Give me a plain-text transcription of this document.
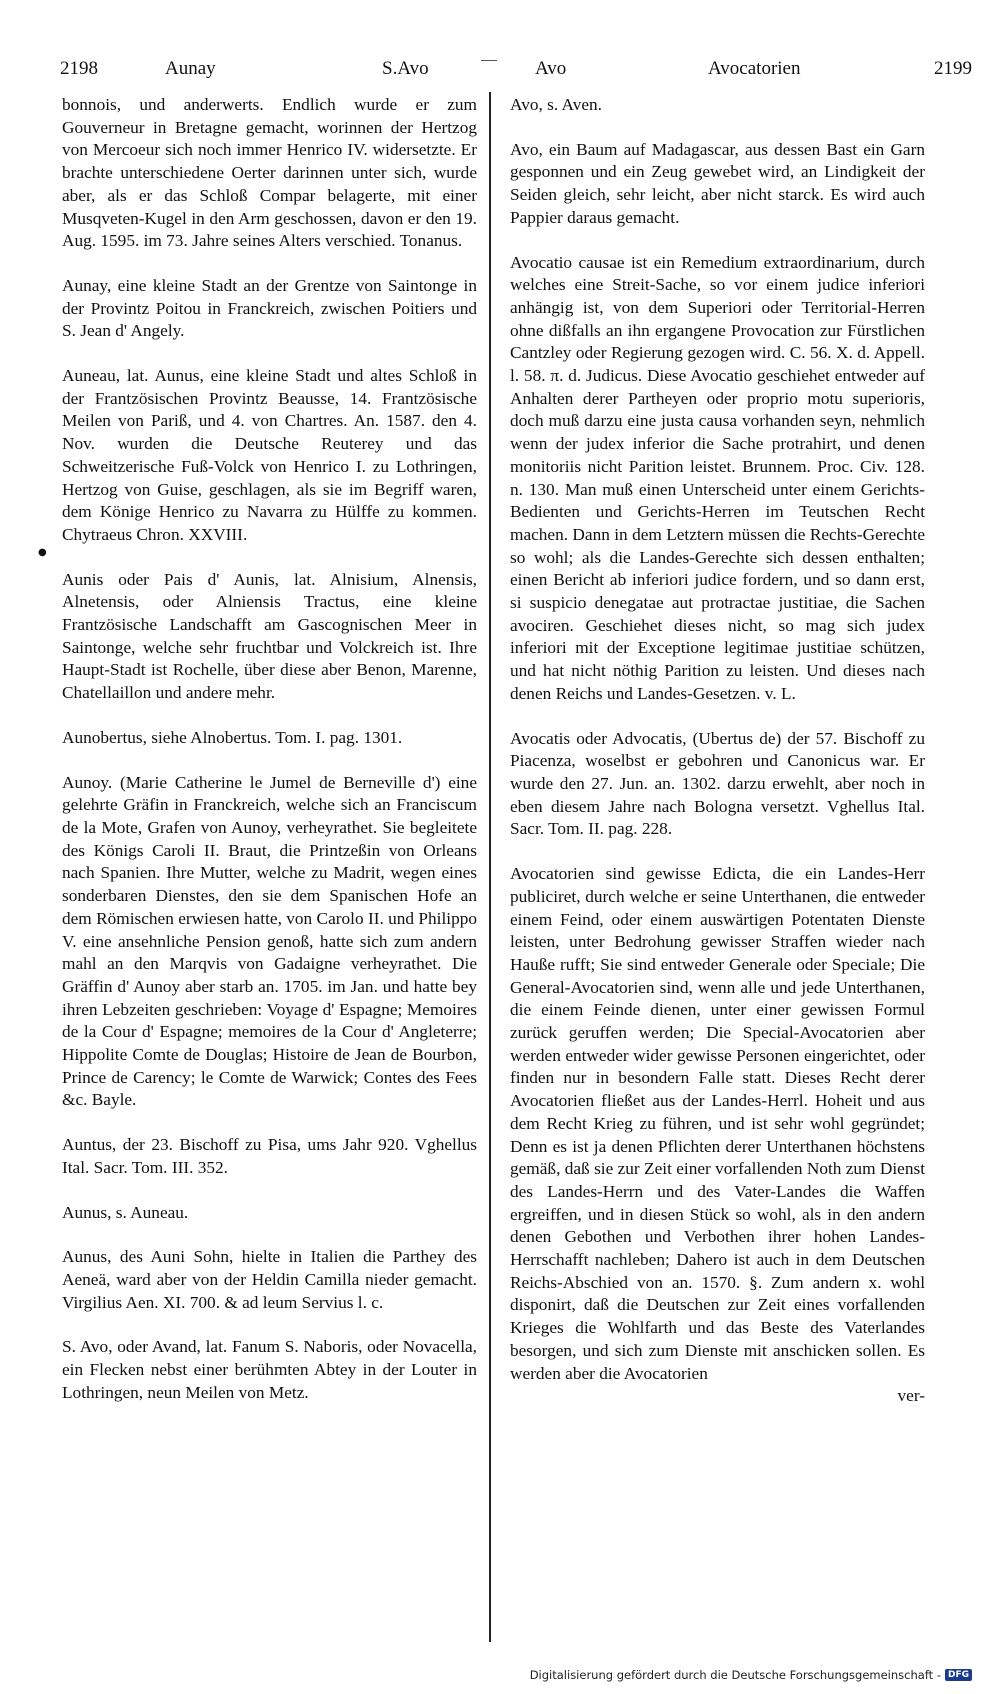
2198	Aunay	S.Avo	Avo	Avocatorien	2199
●

bonnois, und anderwerts. Endlich wurde er zum Gouverneur in Bretagne gemacht, worinnen der Hertzog von Mercoeur sich noch immer Henrico IV. widersetzte. Er brachte unterschiedene Oerter darinnen unter sich, wurde aber, als er das Schloß Compar belagerte, mit einer Musqveten-Kugel in den Arm geschossen, davon er den 19. Aug. 1595. im 73. Jahre seines Alters verschied. Tonanus.

Aunay, eine kleine Stadt an der Grentze von Saintonge in der Provintz Poitou in Franckreich, zwischen Poitiers und S. Jean d' Angely.

Auneau, lat. Aunus, eine kleine Stadt und altes Schloß in der Frantzösischen Provintz Beausse, 14. Frantzösische Meilen von Pariß, und 4. von Chartres. An. 1587. den 4. Nov. wurden die Deutsche Reuterey und das Schweitzerische Fuß-Volck von Henrico I. zu Lothringen, Hertzog von Guise, geschlagen, als sie im Begriff waren, dem Könige Henrico zu Navarra zu Hülffe zu kommen. Chytraeus Chron. XXVIII.

Aunis oder Pais d' Aunis, lat. Alnisium, Alnensis, Alnetensis, oder Alniensis Tractus, eine kleine Frantzösische Landschafft am Gascognischen Meer in Saintonge, welche sehr fruchtbar und Volckreich ist. Ihre Haupt-Stadt ist Rochelle, über diese aber Benon, Marenne, Chatellaillon und andere mehr.

Aunobertus, siehe Alnobertus. Tom. I. pag. 1301.

Aunoy. (Marie Catherine le Jumel de Berneville d') eine gelehrte Gräfin in Franckreich, welche sich an Franciscum de la Mote, Grafen von Aunoy, verheyrathet. Sie begleitete des Königs Caroli II. Braut, die Printzeßin von Orleans nach Spanien. Ihre Mutter, welche zu Madrit, wegen eines sonderbaren Dienstes, den sie dem Spanischen Hofe an dem Römischen erwiesen hatte, von Carolo II. und Philippo V. eine ansehnliche Pension genoß, hatte sich zum andern mahl an den Marqvis von Gadaigne verheyrathet. Die Gräffin d' Aunoy aber starb an. 1705. im Jan. und hatte bey ihren Lebzeiten geschrieben: Voyage d' Espagne; Memoires de la Cour d' Espagne; memoires de la Cour d' Angleterre; Hippolite Comte de Douglas; Histoire de Jean de Bourbon, Prince de Carency; le Comte de Warwick; Contes des Fees &c. Bayle.

Auntus, der 23. Bischoff zu Pisa, ums Jahr 920. Vghellus Ital. Sacr. Tom. III. 352.

Aunus, s. Auneau.

Aunus, des Auni Sohn, hielte in Italien die Parthey des Aeneä, ward aber von der Heldin Camilla nieder gemacht. Virgilius Aen. XI. 700. & ad leum Servius l. c.

S. Avo, oder Avand, lat. Fanum S. Naboris, oder Novacella, ein Flecken nebst einer berühmten Abtey in der Louter in Lothringen, neun Meilen von Metz.

Avo, s. Aven.

Avo, ein Baum auf Madagascar, aus dessen Bast ein Garn gesponnen und ein Zeug gewebet wird, an Lindigkeit der Seiden gleich, sehr leicht, aber nicht starck. Es wird auch Pappier daraus gemacht.

Avocatio causae ist ein Remedium extraordinarium, durch welches eine Streit-Sache, so vor einem judice inferiori anhängig ist, von dem Superiori oder Territorial-Herren ohne dißfalls an ihn ergangene Provocation zur Fürstlichen Cantzley oder Regierung gezogen wird. C. 56. X. d. Appell. l. 58. π. d. Judicus. Diese Avocatio geschiehet entweder auf Anhalten derer Partheyen oder proprio motu superioris, doch muß darzu eine justa causa vorhanden seyn, nehmlich wenn der judex inferior die Sache protrahirt, und denen monitoriis nicht Parition leistet. Brunnem. Proc. Civ. 128. n. 130. Man muß einen Unterscheid unter einem Gerichts-Bedienten und Gerichts-Herren im Teutschen Recht machen. Dann in dem Letztern müssen die Rechts-Gerechte so wohl; als die Landes-Gerechte sich dessen enthalten; einen Bericht ab inferiori judice fordern, und so dann erst, si suspicio denegatae aut protractae justitiae, die Sachen avociren. Geschiehet dieses nicht, so mag sich judex inferiori mit der Exceptione legitimae justitiae schützen, und hat nicht nöthig Parition zu leisten. Und dieses nach denen Reichs und Landes-Gesetzen. v. L.

Avocatis oder Advocatis, (Ubertus de) der 57. Bischoff zu Piacenza, woselbst er gebohren und Canonicus war. Er wurde den 27. Jun. an. 1302. darzu erwehlt, aber noch in eben diesem Jahre nach Bologna versetzt. Vghellus Ital. Sacr. Tom. II. pag. 228.

Avocatorien sind gewisse Edicta, die ein Landes-Herr publiciret, durch welche er seine Unterthanen, die entweder einem Feind, oder einem auswärtigen Potentaten Dienste leisten, unter Bedrohung gewisser Straffen wieder nach Hauße rufft; Sie sind entweder Generale oder Speciale; Die General-Avocatorien sind, wenn alle und jede Unterthanen, die einem Feinde dienen, unter einer gewissen Formul zurück geruffen werden; Die Special-Avocatorien aber werden entweder wider gewisse Personen eingerichtet, oder finden nur in besondern Falle statt. Dieses Recht derer Avocatorien fließet aus der Landes-Herrl. Hoheit und aus dem Recht Krieg zu führen, und ist sehr wohl gegründet; Denn es ist ja denen Pflichten derer Unterthanen höchstens gemäß, daß sie zur Zeit einer vorfallenden Noth zum Dienst des Landes-Herrn und des Vater-Landes die Waffen ergreiffen, und in diesen Stück so wohl, als in den andern denen Gebothen und Verbothen ihrer hohen Landes-Herrschafft nachleben; Dahero ist auch in dem Deutschen Reichs-Abschied von an. 1570. §. Zum andern x. wohl disponirt, daß die Deutschen zur Zeit eines vorfallenden Krieges die Wohlfarth und das Beste des Vaterlandes besorgen, und sich zum Dienste mit anschicken sollen. Es werden aber die Avocatorien

ver-
Digitalisierung gefördert durch die Deutsche Forschungsgemeinschaft - DFG
